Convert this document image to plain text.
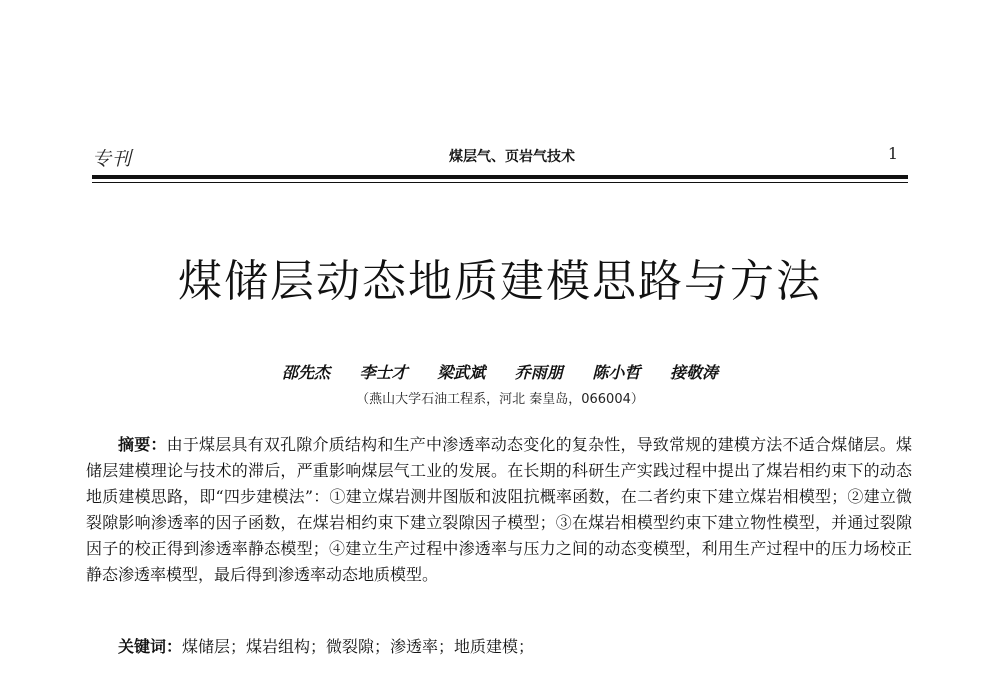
专刊	煤层气、页岩气技术	1
煤储层动态地质建模思路与方法
邵先杰 李士才 梁武斌 乔雨朋 陈小哲 接敬涛
（燕山大学石油工程系，河北 秦皇岛，066004）

摘要：由于煤层具有双孔隙介质结构和生产中渗透率动态变化的复杂性，导致常规的建模方法不适合煤储层。煤储层建模理论与技术的滞后，严重影响煤层气工业的发展。在长期的科研生产实践过程中提出了煤岩相约束下的动态地质建模思路，即“四步建模法”：①建立煤岩测井图版和波阻抗概率函数，在二者约束下建立煤岩相模型；②建立微裂隙影响渗透率的因子函数，在煤岩相约束下建立裂隙因子模型；③在煤岩相模型约束下建立物性模型，并通过裂隙因子的校正得到渗透率静态模型；④建立生产过程中渗透率与压力之间的动态变模型，利用生产过程中的压力场校正静态渗透率模型，最后得到渗透率动态地质模型。

关键词：煤储层；煤岩组构；微裂隙；渗透率；地质建模；
